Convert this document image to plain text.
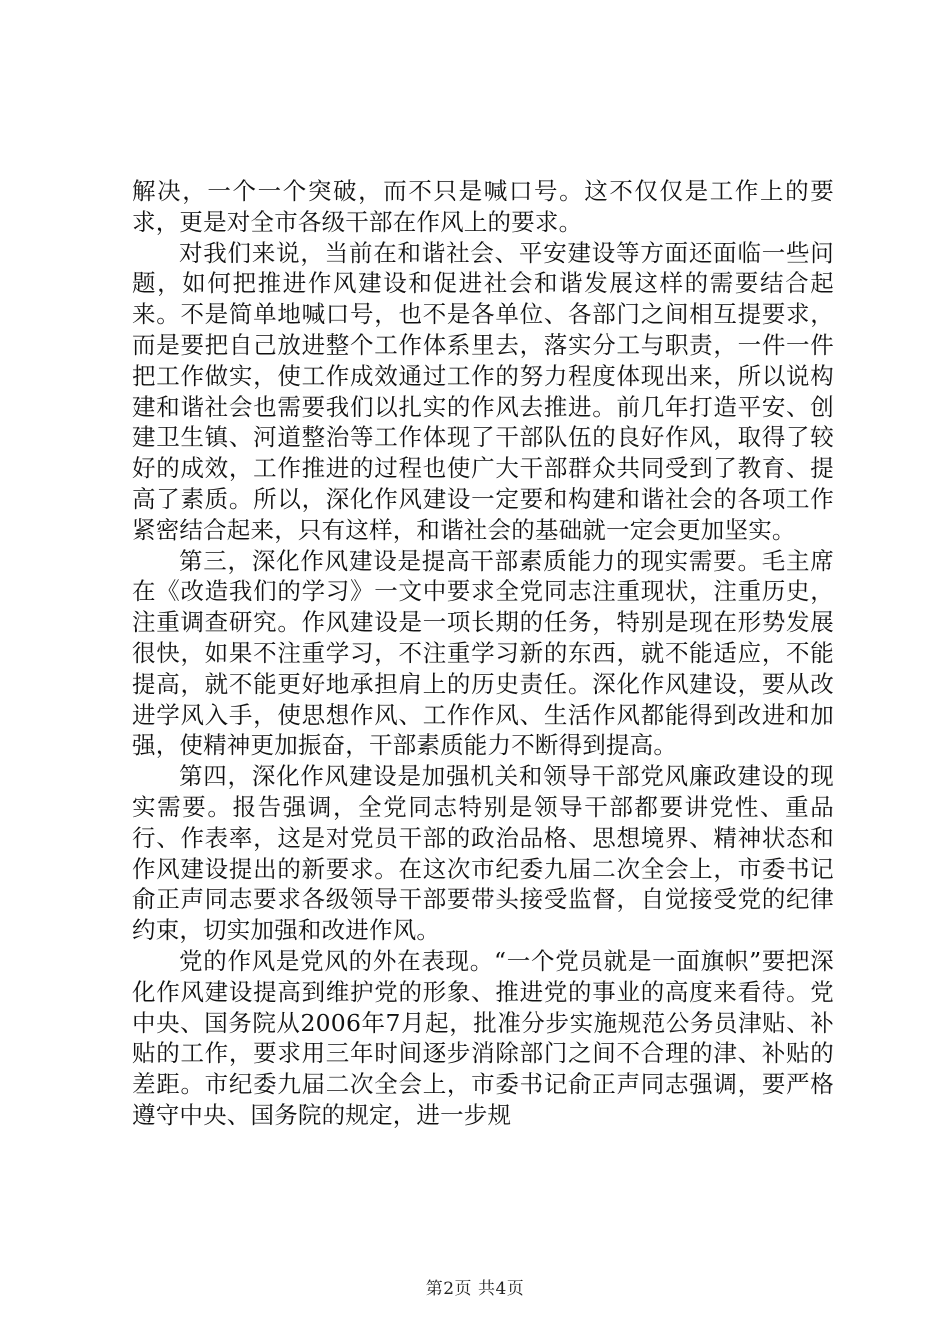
解决，一个一个突破，而不只是喊口号。这不仅仅是工作上的要求，更是对全市各级干部在作风上的要求。

对我们来说，当前在和谐社会、平安建设等方面还面临一些问题，如何把推进作风建设和促进社会和谐发展这样的需要结合起来。不是简单地喊口号，也不是各单位、各部门之间相互提要求，而是要把自己放进整个工作体系里去，落实分工与职责，一件一件把工作做实，使工作成效通过工作的努力程度体现出来，所以说构建和谐社会也需要我们以扎实的作风去推进。前几年打造平安、创建卫生镇、河道整治等工作体现了干部队伍的良好作风，取得了较好的成效，工作推进的过程也使广大干部群众共同受到了教育、提高了素质。所以，深化作风建设一定要和构建和谐社会的各项工作紧密结合起来，只有这样，和谐社会的基础就一定会更加坚实。

第三，深化作风建设是提高干部素质能力的现实需要。毛主席在《改造我们的学习》一文中要求全党同志注重现状，注重历史，注重调查研究。作风建设是一项长期的任务，特别是现在形势发展很快，如果不注重学习，不注重学习新的东西，就不能适应，不能提高，就不能更好地承担肩上的历史责任。深化作风建设，要从改进学风入手，使思想作风、工作作风、生活作风都能得到改进和加强，使精神更加振奋，干部素质能力不断得到提高。

第四，深化作风建设是加强机关和领导干部党风廉政建设的现实需要。报告强调，全党同志特别是领导干部都要讲党性、重品行、作表率，这是对党员干部的政治品格、思想境界、精神状态和作风建设提出的新要求。在这次市纪委九届二次全会上，市委书记俞正声同志要求各级领导干部要带头接受监督，自觉接受党的纪律约束，切实加强和改进作风。

党的作风是党风的外在表现。“一个党员就是一面旗帜”要把深化作风建设提高到维护党的形象、推进党的事业的高度来看待。党中央、国务院从2006年7月起，批准分步实施规范公务员津贴、补贴的工作，要求用三年时间逐步消除部门之间不合理的津、补贴的差距。市纪委九届二次全会上，市委书记俞正声同志强调，要严格遵守中央、国务院的规定，进一步规

第2页 共4页
